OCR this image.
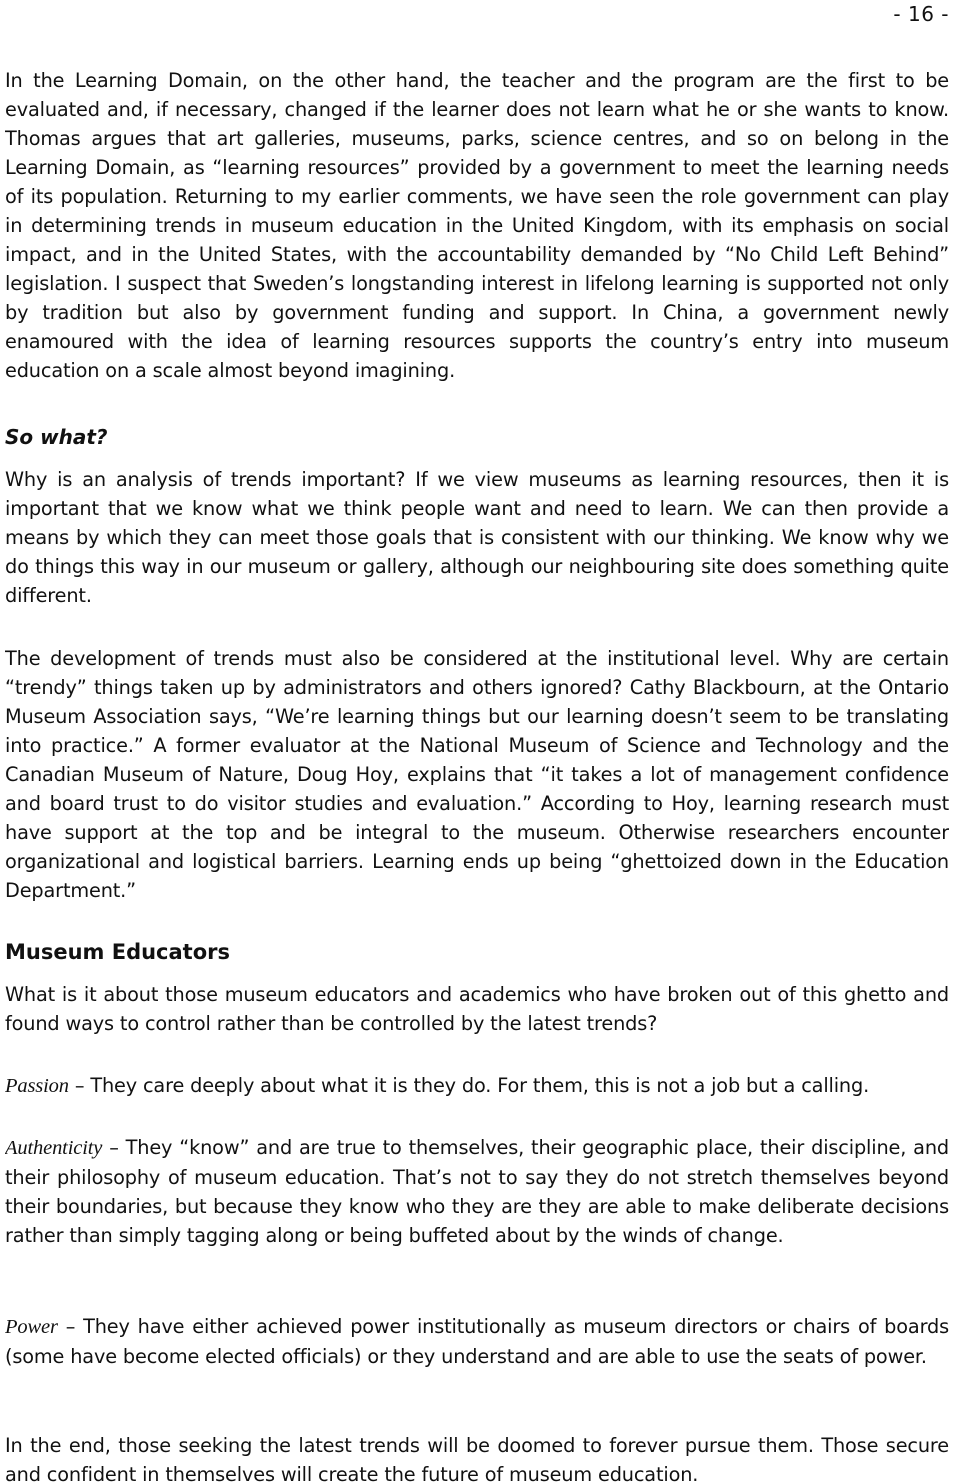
- 16 -

In the Learning Domain, on the other hand, the teacher and the program are the first to be evaluated and, if necessary, changed if the learner does not learn what he or she wants to know. Thomas argues that art galleries, museums, parks, science centres, and so on belong in the Learning Domain, as “learning resources” provided by a government to meet the learning needs of its population. Returning to my earlier comments, we have seen the role government can play in determining trends in museum education in the United Kingdom, with its emphasis on social impact, and in the United States, with the accountability demanded by “No Child Left Behind” legislation. I suspect that Sweden’s longstanding interest in lifelong learning is supported not only by tradition but also by government funding and support. In China, a government newly enamoured with the idea of learning resources supports the country’s entry into museum education on a scale almost beyond imagining.

So what?

Why is an analysis of trends important? If we view museums as learning resources, then it is important that we know what we think people want and need to learn. We can then provide a means by which they can meet those goals that is consistent with our thinking. We know why we do things this way in our museum or gallery, although our neighbouring site does something quite different.

The development of trends must also be considered at the institutional level. Why are certain “trendy” things taken up by administrators and others ignored? Cathy Blackbourn, at the Ontario Museum Association says, “We’re learning things but our learning doesn’t seem to be translating into practice.” A former evaluator at the National Museum of Science and Technology and the Canadian Museum of Nature, Doug Hoy, explains that “it takes a lot of management confidence and board trust to do visitor studies and evaluation.” According to Hoy, learning research must have support at the top and be integral to the museum. Otherwise researchers encounter organizational and logistical barriers. Learning ends up being “ghettoized down in the Education Department.”

Museum Educators

What is it about those museum educators and academics who have broken out of this ghetto and found ways to control rather than be controlled by the latest trends?

Passion – They care deeply about what it is they do. For them, this is not a job but a calling.

Authenticity – They “know” and are true to themselves, their geographic place, their discipline, and their philosophy of museum education. That’s not to say they do not stretch themselves beyond their boundaries, but because they know who they are they are able to make deliberate decisions rather than simply tagging along or being buffeted about by the winds of change.

Power – They have either achieved power institutionally as museum directors or chairs of boards (some have become elected officials) or they understand and are able to use the seats of power.

In the end, those seeking the latest trends will be doomed to forever pursue them. Those secure and confident in themselves will create the future of museum education.
